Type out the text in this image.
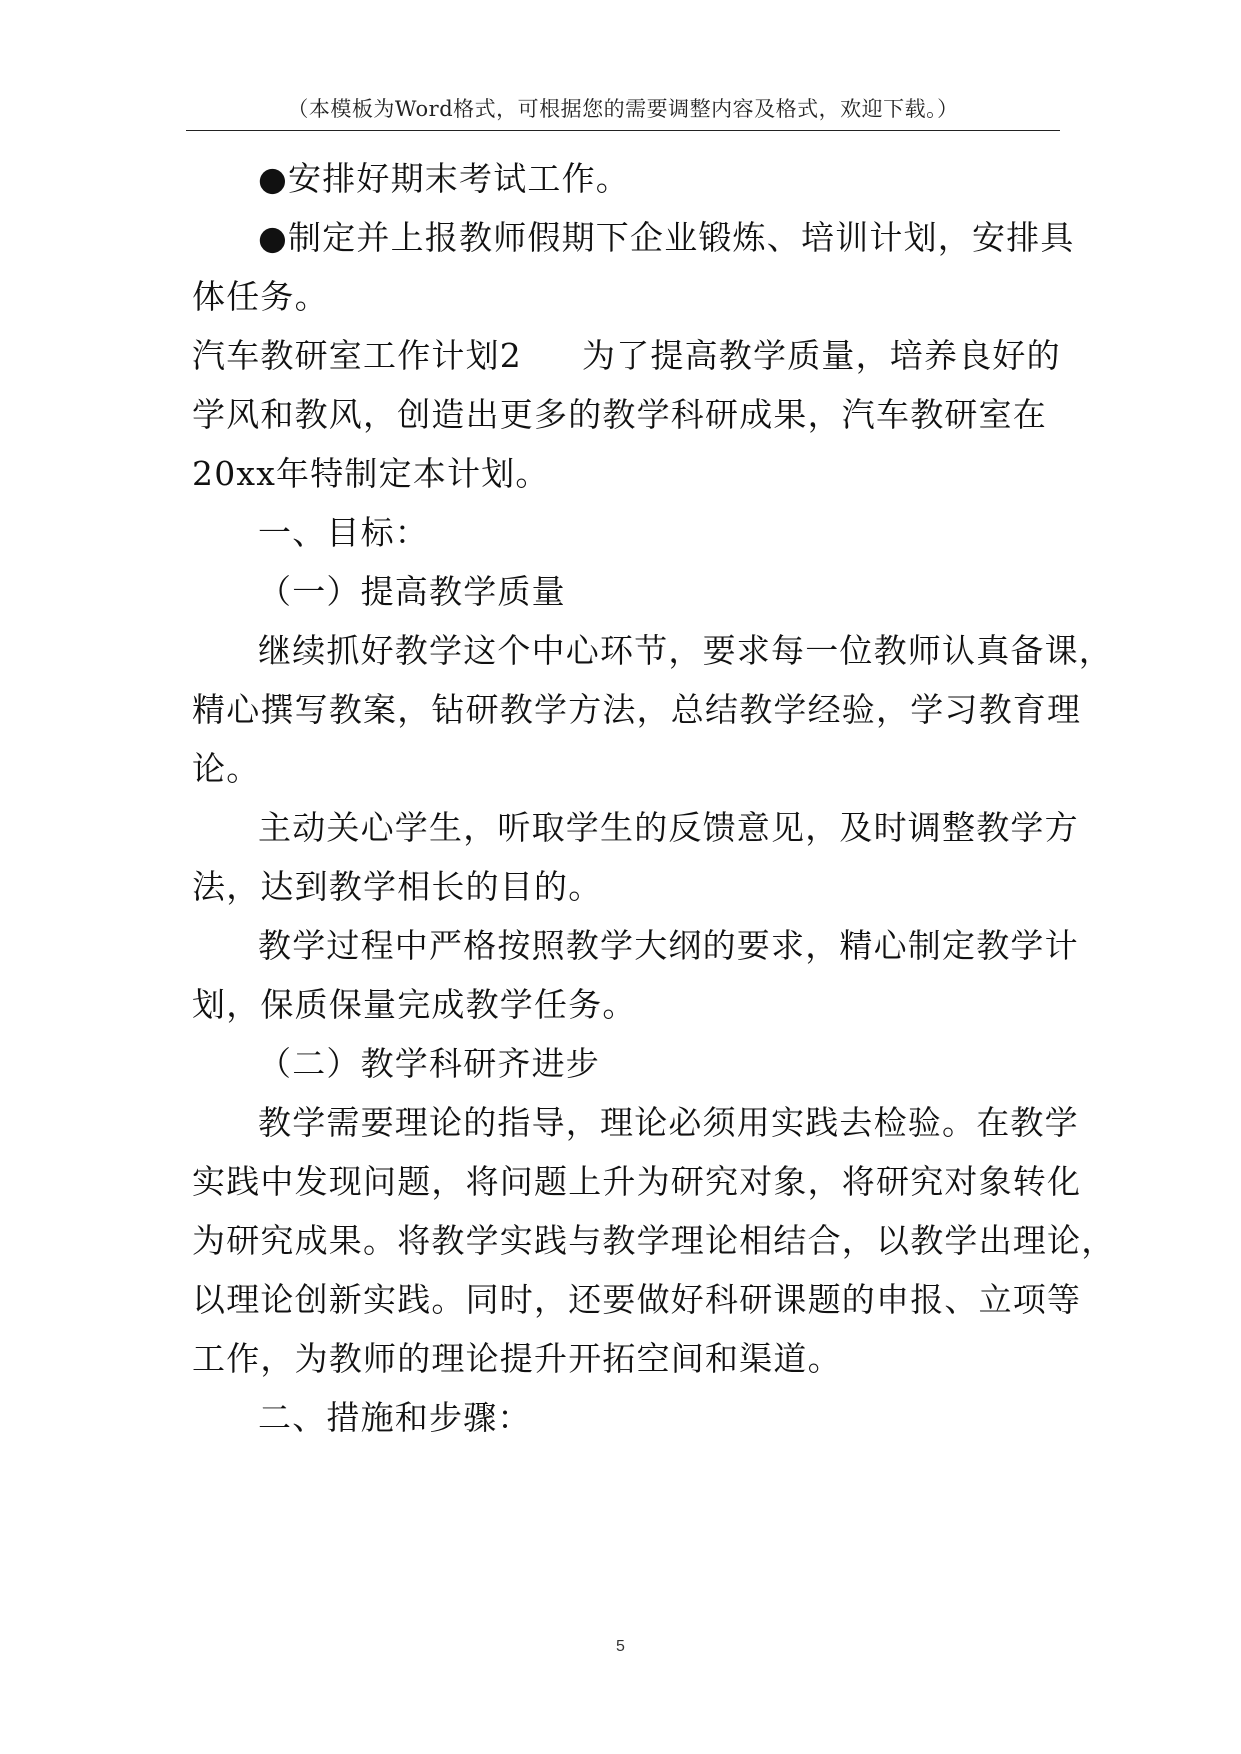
（本模板为Word格式，可根据您的需要调整内容及格式，欢迎下载。）
●安排好期末考试工作。
●制定并上报教师假期下企业锻炼、培训计划，安排具
体任务。
汽车教研室工作计划2 为了提高教学质量，培养良好的
学风和教风，创造出更多的教学科研成果，汽车教研室在
20xx年特制定本计划。
一、目标：
（一）提高教学质量
继续抓好教学这个中心环节，要求每一位教师认真备课，
精心撰写教案，钻研教学方法，总结教学经验，学习教育理
论。
主动关心学生，听取学生的反馈意见，及时调整教学方
法，达到教学相长的目的。
教学过程中严格按照教学大纲的要求，精心制定教学计
划，保质保量完成教学任务。
（二）教学科研齐进步
教学需要理论的指导，理论必须用实践去检验。在教学
实践中发现问题，将问题上升为研究对象，将研究对象转化
为研究成果。将教学实践与教学理论相结合，以教学出理论，
以理论创新实践。同时，还要做好科研课题的申报、立项等
工作，为教师的理论提升开拓空间和渠道。
二、措施和步骤：
5
